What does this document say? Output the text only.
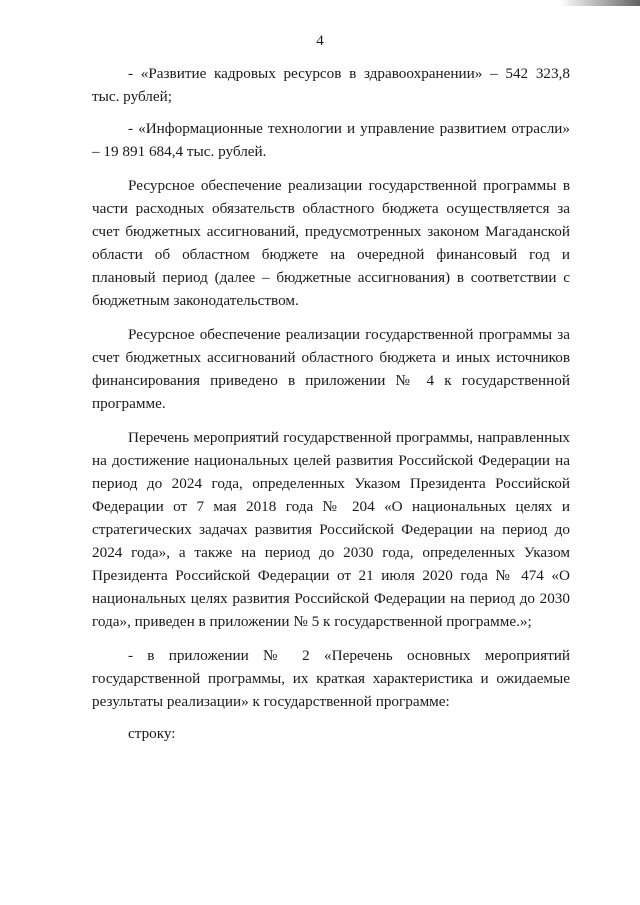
4

- «Развитие кадровых ресурсов в здравоохранении» – 542 323,8 тыс. рублей;

- «Информационные технологии и управление развитием отрасли» – 19 891 684,4 тыс. рублей.

Ресурсное обеспечение реализации государственной программы в части расходных обязательств областного бюджета осуществляется за счет бюджетных ассигнований, предусмотренных законом Магаданской области об областном бюджете на очередной финансовый год и плановый период (далее – бюджетные ассигнования) в соответствии с бюджетным законодательством.

Ресурсное обеспечение реализации государственной программы за счет бюджетных ассигнований областного бюджета и иных источников финансирования приведено в приложении № 4 к государственной программе.

Перечень мероприятий государственной программы, направленных на достижение национальных целей развития Российской Федерации на период до 2024 года, определенных Указом Президента Российской Федерации от 7 мая 2018 года № 204 «О национальных целях и стратегических задачах развития Российской Федерации на период до 2024 года», а также на период до 2030 года, определенных Указом Президента Российской Федерации от 21 июля 2020 года № 474 «О национальных целях развития Российской Федерации на период до 2030 года», приведен в приложении № 5 к государственной программе.»;

- в приложении № 2 «Перечень основных мероприятий государственной программы, их краткая характеристика и ожидаемые результаты реализации» к государственной программе:

строку:
